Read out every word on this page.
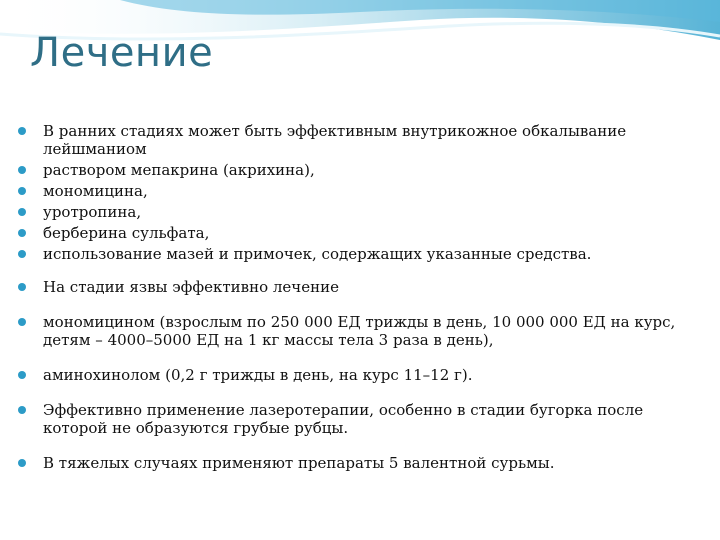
Лечение
В ранних стадиях может быть эффективным внутрикожное обкалывание лейшманиом
раствором мепакрина (акрихина),
мономицина,
уротропина,
берберина сульфата,
использование мазей и примочек, содержащих указанные средства.
На стадии язвы эффективно лечение
мономицином (взрослым по 250 000 ЕД трижды в день, 10 000 000 ЕД на курс, детям – 4000–5000 ЕД на 1 кг массы тела 3 раза в день),
аминохинолом (0,2 г трижды в день, на курс 11–12 г).
Эффективно применение лазеротерапии, особенно в стадии бугорка после которой не образуются грубые рубцы.
В тяжелых случаях применяют препараты 5 валентной сурьмы.
